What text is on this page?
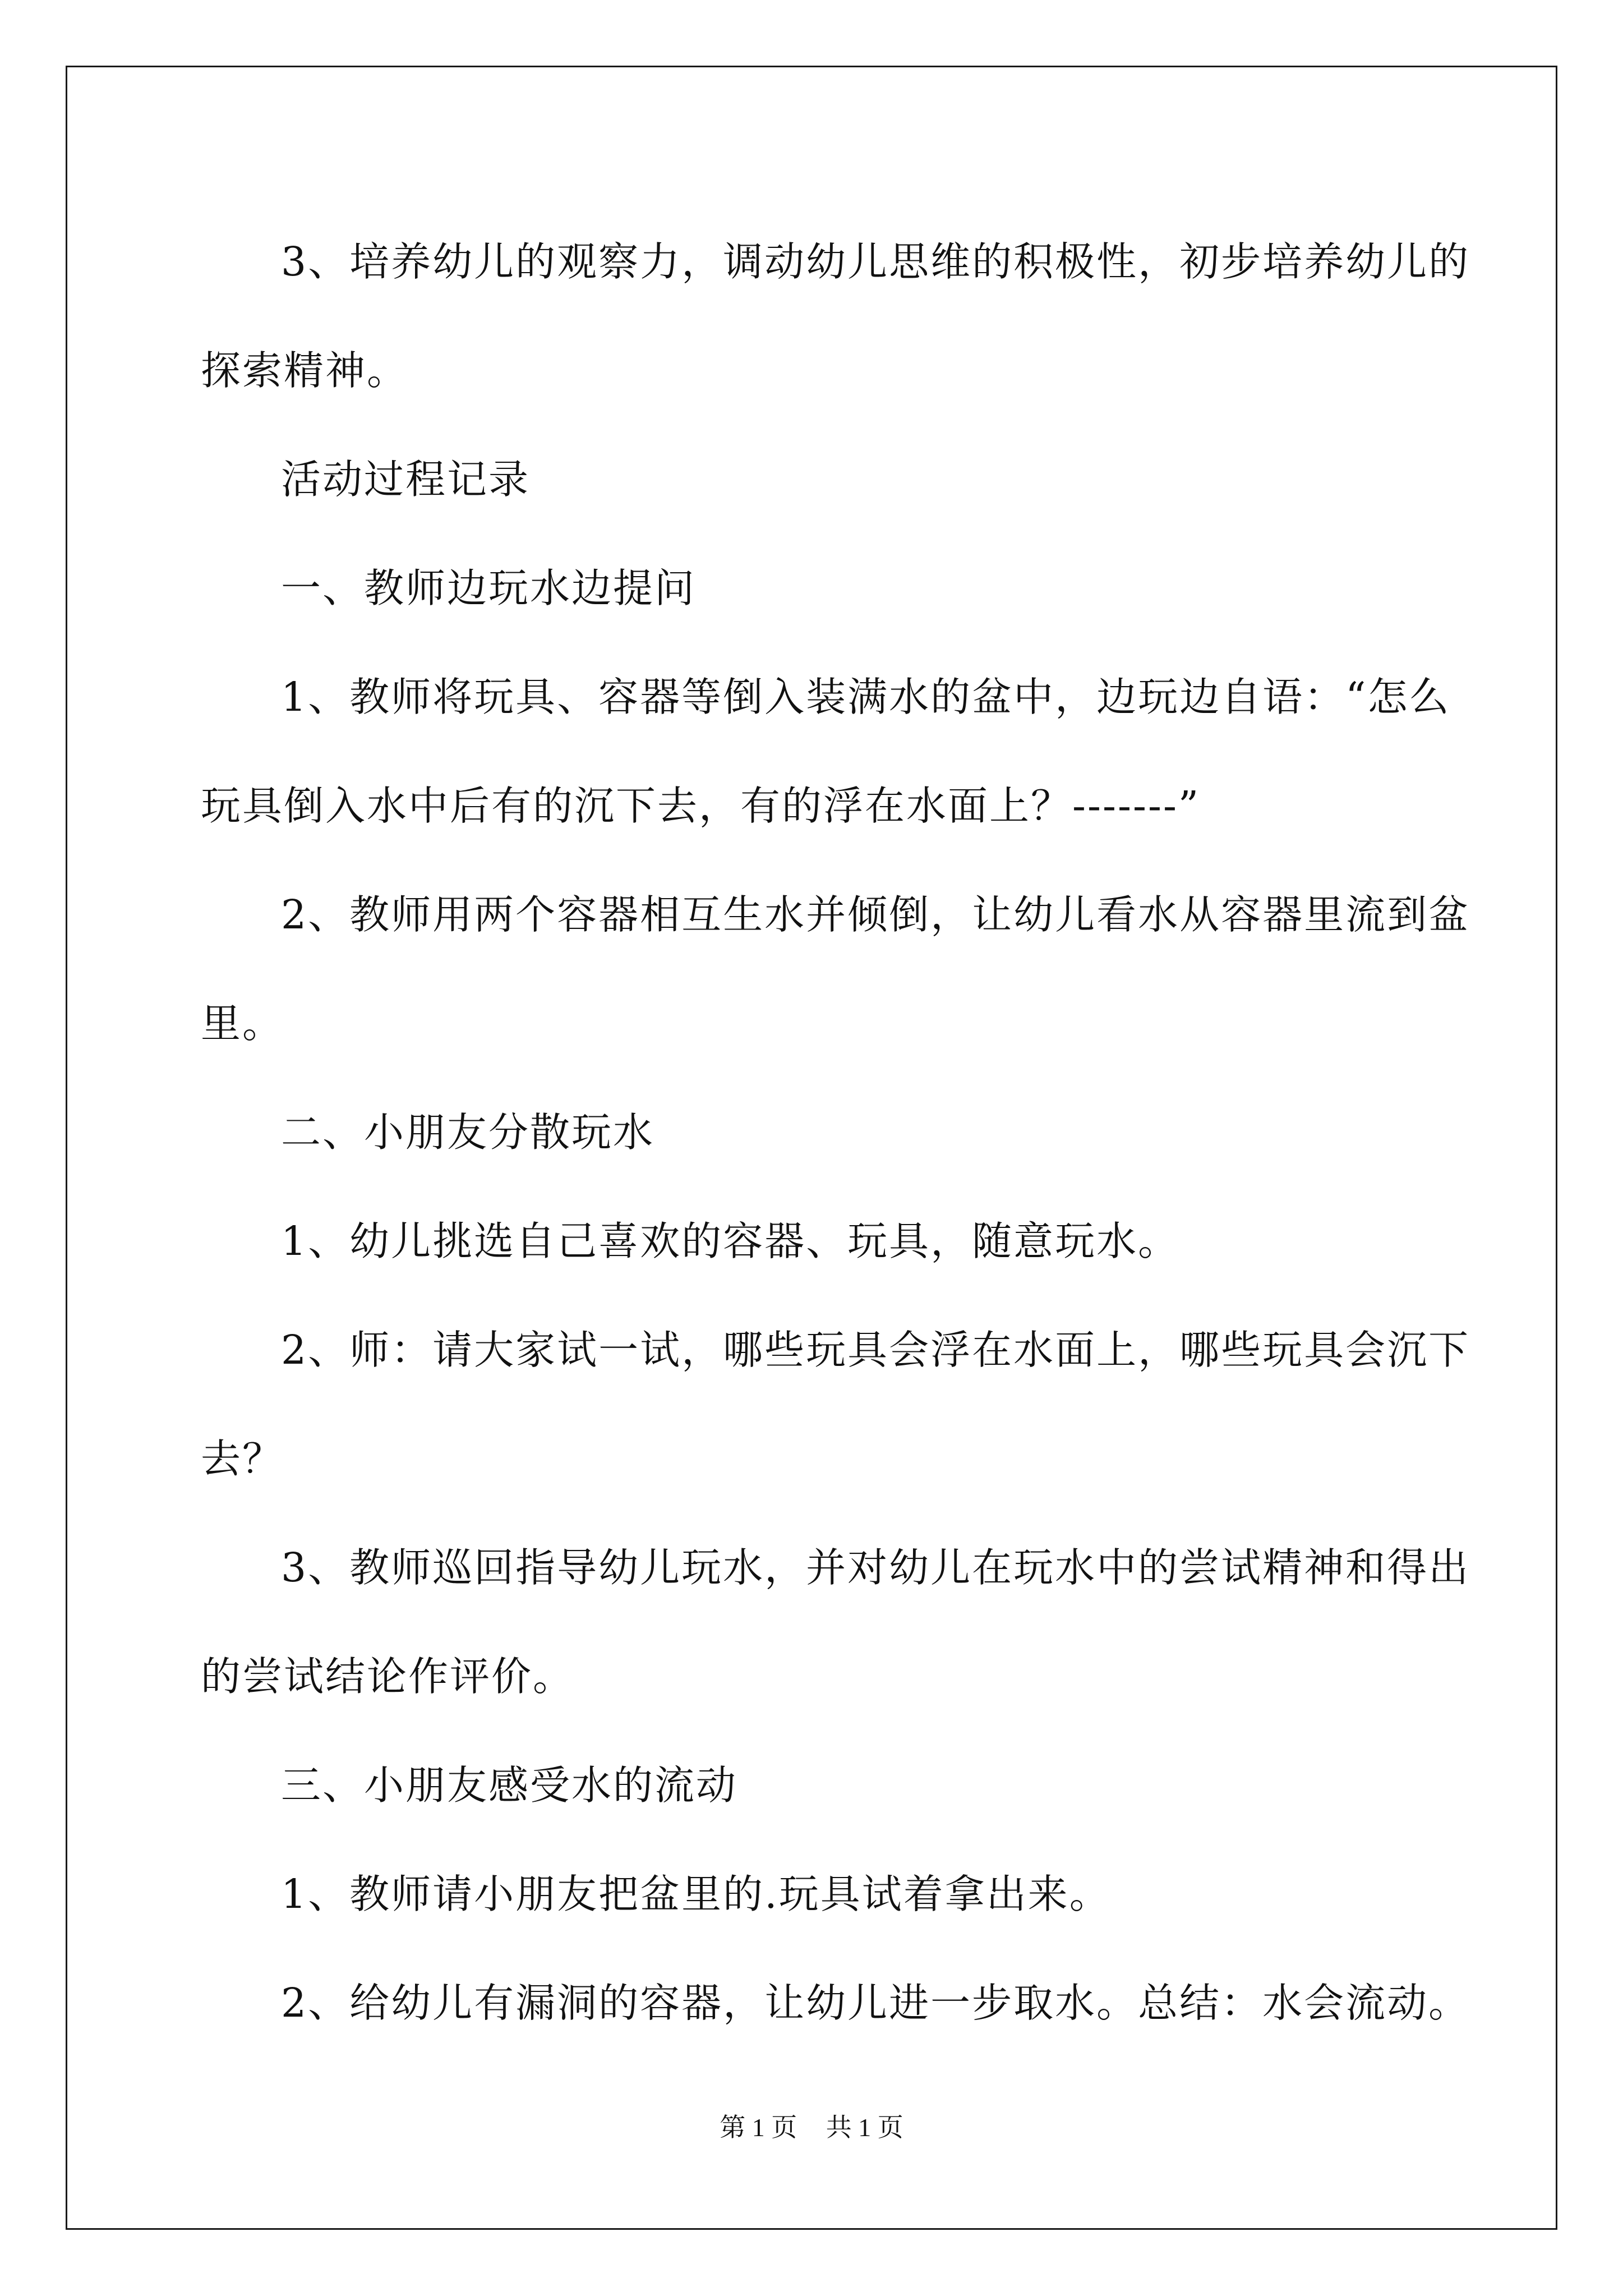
3、培养幼儿的观察力，调动幼儿思维的积极性，初步培养幼儿的

探索精神。

活动过程记录

一、教师边玩水边提问

1、教师将玩具、容器等倒入装满水的盆中，边玩边自语：“怎么

玩具倒入水中后有的沉下去，有的浮在水面上？-------”

2、教师用两个容器相互生水并倾倒，让幼儿看水从容器里流到盆

里。

二、小朋友分散玩水

1、幼儿挑选自己喜欢的容器、玩具，随意玩水。

2、师：请大家试一试，哪些玩具会浮在水面上，哪些玩具会沉下

去？

3、教师巡回指导幼儿玩水，并对幼儿在玩水中的尝试精神和得出

的尝试结论作评价。

三、小朋友感受水的流动

1、教师请小朋友把盆里的.玩具试着拿出来。

2、给幼儿有漏洞的容器，让幼儿进一步取水。总结：水会流动。

第 1 页 共 1 页
